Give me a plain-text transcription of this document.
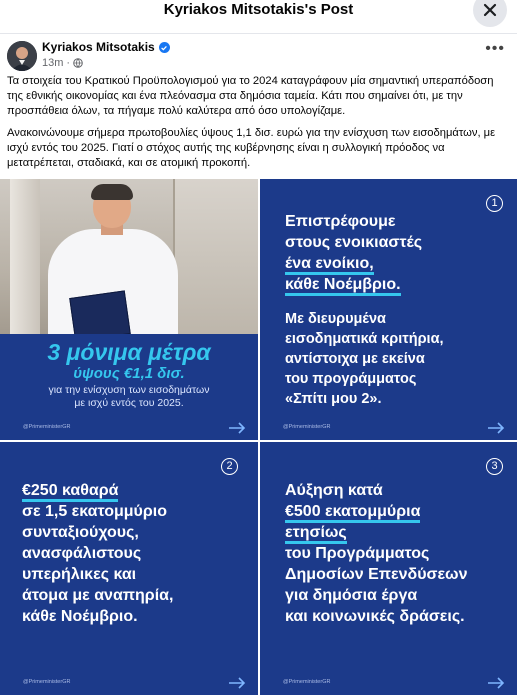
Kyriakos Mitsotakis's Post
Kyriakos Mitsotakis
13m ·
•••

Τα στοιχεία του Κρατικού Προϋπολογισμού για το 2024 καταγράφουν μία σημαντική υπεραπόδοση της εθνικής οικονομίας και ένα πλεόνασμα στα δημόσια ταμεία. Κάτι που σημαίνει ότι, με την προσπάθεια όλων, τα πήγαμε πολύ καλύτερα από όσο υπολογίζαμε.

Ανακοινώνουμε σήμερα πρωτοβουλίες ύψους 1,1 δισ. ευρώ για την ενίσχυση των εισοδημάτων, με ισχύ εντός του 2025. Γιατί ο στόχος αυτής της κυβέρνησης είναι η συλλογική πρόοδος να μετατρέπεται, σταδιακά, και σε ατομική προκοπή.

3 μόνιμα μέτρα
ύψους €1,1 δισ.
για την ενίσχυση των εισοδημάτων
με ισχύ εντός του 2025.
@PrimeministerGR
1
Επιστρέφουμε
στους ενοικιαστές
ένα ενοίκιο,
κάθε Νοέμβριο.
Με διευρυμένα
εισοδηματικά κριτήρια,
αντίστοιχα με εκείνα
του προγράμματος
«Σπίτι μου 2».
@PrimeministerGR
2
€250 καθαρά
σε 1,5 εκατομμύριο
συνταξιούχους,
ανασφάλιστους
υπερήλικες και
άτομα με αναπηρία,
κάθε Νοέμβριο.
@PrimeministerGR
3
Αύξηση κατά
€500 εκατομμύρια
ετησίως
του Προγράμματος
Δημοσίων Επενδύσεων
για δημόσια έργα
και κοινωνικές δράσεις.
@PrimeministerGR
